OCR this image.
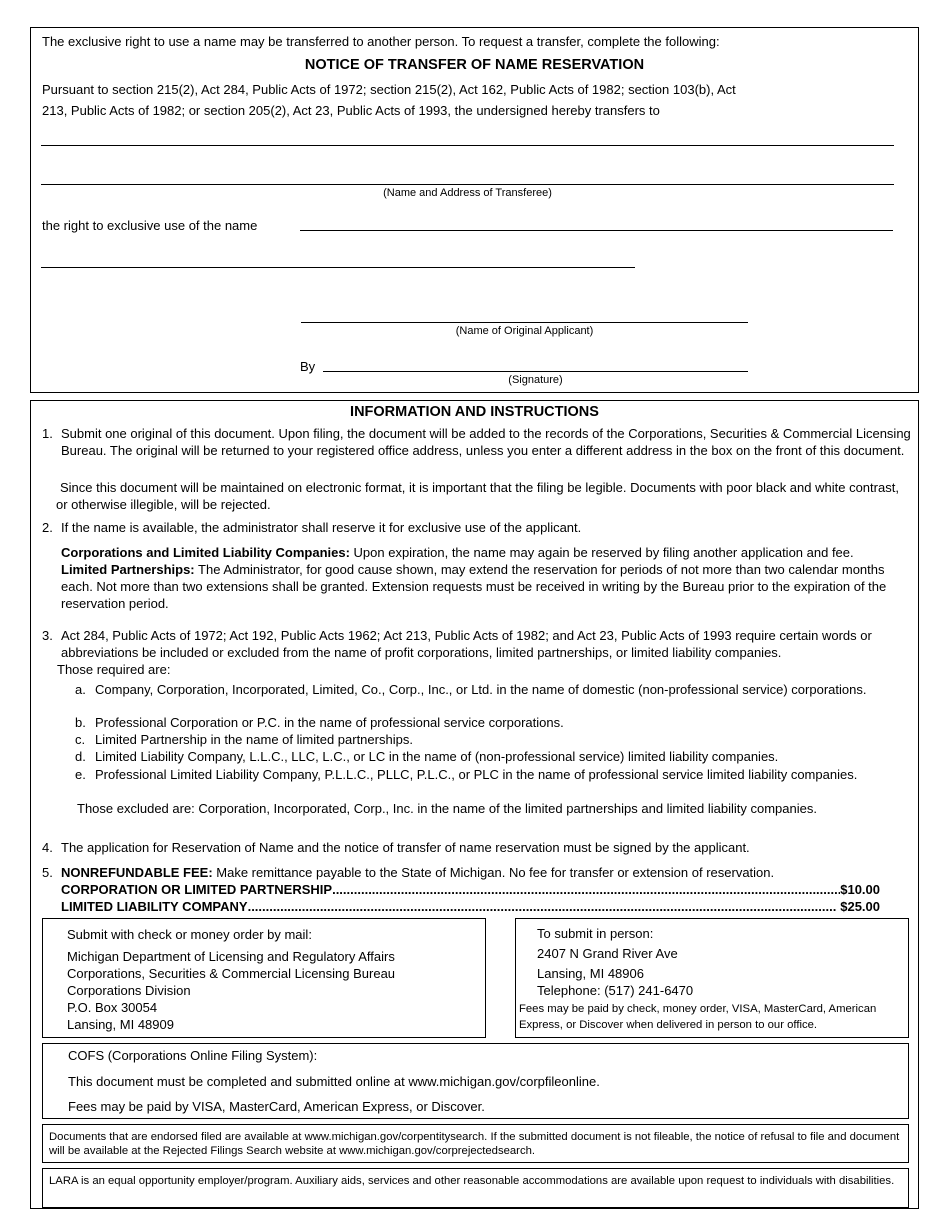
The exclusive right to use a name may be transferred to another person. To request a transfer, complete the following:
NOTICE OF TRANSFER OF NAME RESERVATION
Pursuant to section 215(2), Act 284, Public Acts of 1972; section 215(2), Act 162, Public Acts of 1982; section 103(b), Act
213, Public Acts of 1982; or section 205(2), Act 23, Public Acts of 1993, the undersigned hereby transfers to
(Name and Address of Transferee)
the right to exclusive use of the name
(Name of Original Applicant)
By
(Signature)
INFORMATION AND INSTRUCTIONS
1. Submit one original of this document. Upon filing, the document will be added to the records of the Corporations, Securities & Commercial Licensing Bureau. The original will be returned to your registered office address, unless you enter a different address in the box on the front of this document.
Since this document will be maintained on electronic format, it is important that the filing be legible. Documents with poor black and white contrast, or otherwise illegible, will be rejected.
2. If the name is available, the administrator shall reserve it for exclusive use of the applicant.
Corporations and Limited Liability Companies: Upon expiration, the name may again be reserved by filing another application and fee.
Limited Partnerships: The Administrator, for good cause shown, may extend the reservation for periods of not more than two calendar months each. Not more than two extensions shall be granted. Extension requests must be received in writing by the Bureau prior to the expiration of the reservation period.
3. Act 284, Public Acts of 1972; Act 192, Public Acts 1962; Act 213, Public Acts of 1982; and Act 23, Public Acts of 1993 require certain words or abbreviations be included or excluded from the name of profit corporations, limited partnerships, or limited liability companies.
Those required are:
a. Company, Corporation, Incorporated, Limited, Co., Corp., Inc., or Ltd. in the name of domestic (non-professional service) corporations.
b. Professional Corporation or P.C. in the name of professional service corporations.
c. Limited Partnership in the name of limited partnerships.
d. Limited Liability Company, L.L.C., LLC, L.C., or LC in the name of (non-professional service) limited liability companies.
e. Professional Limited Liability Company, P.L.L.C., PLLC, P.L.C., or PLC in the name of professional service limited liability companies.
Those excluded are: Corporation, Incorporated, Corp., Inc. in the name of the limited partnerships and limited liability companies.
4. The application for Reservation of Name and the notice of transfer of name reservation must be signed by the applicant.
5. NONREFUNDABLE FEE: Make remittance payable to the State of Michigan. No fee for transfer or extension of reservation.
CORPORATION OR LIMITED PARTNERSHIP .....	$10.00
LIMITED LIABILITY COMPANY .....	$25.00
Submit with check or money order by mail:
Michigan Department of Licensing and Regulatory Affairs
Corporations, Securities & Commercial Licensing Bureau
Corporations Division
P.O. Box 30054
Lansing, MI 48909
To submit in person:
2407 N Grand River Ave
Lansing, MI 48906
Telephone: (517) 241-6470
Fees may be paid by check, money order, VISA, MasterCard, American Express, or Discover when delivered in person to our office.
COFS (Corporations Online Filing System):
This document must be completed and submitted online at www.michigan.gov/corpfileonline.
Fees may be paid by VISA, MasterCard, American Express, or Discover.
Documents that are endorsed filed are available at www.michigan.gov/corpentitysearch. If the submitted document is not fileable, the notice of refusal to file and document will be available at the Rejected Filings Search website at www.michigan.gov/corprejectedsearch.
LARA is an equal opportunity employer/program. Auxiliary aids, services and other reasonable accommodations are available upon request to individuals with disabilities.
